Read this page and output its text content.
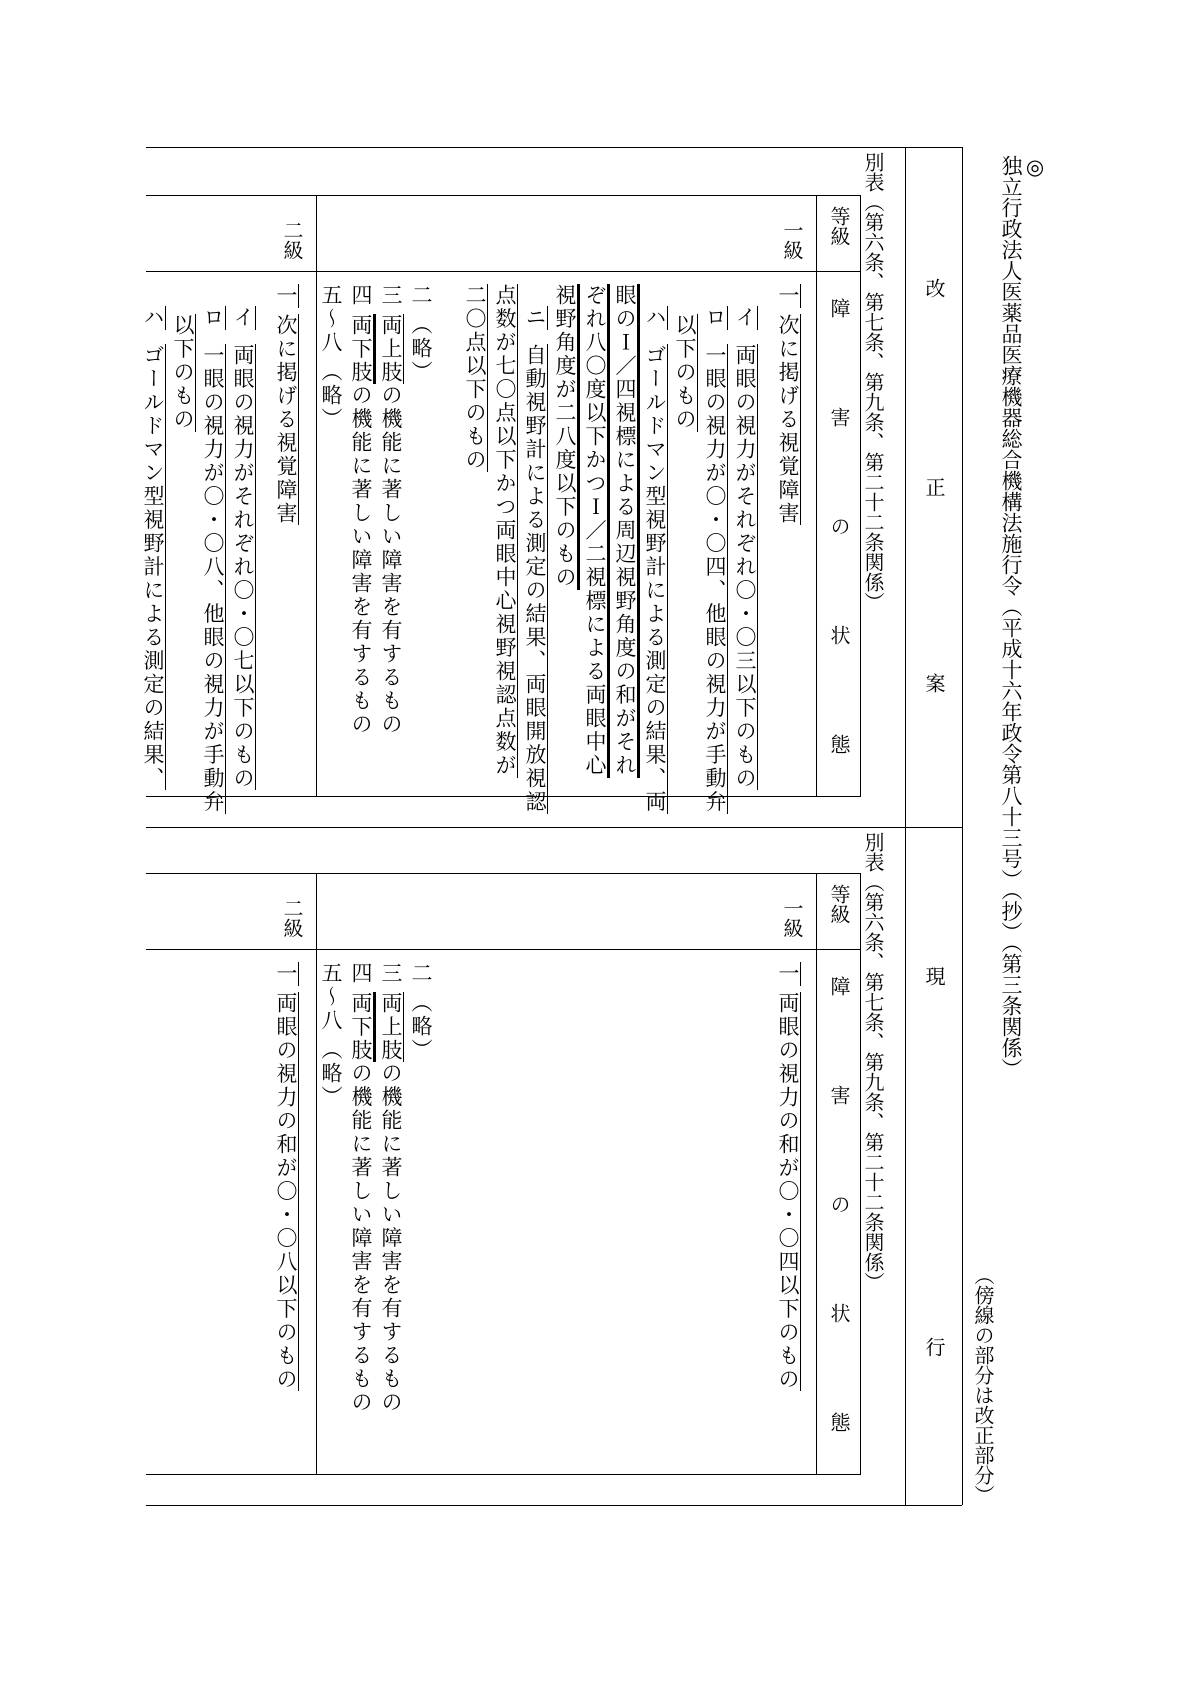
◎
独立行政法人医薬品医療機器総合機構法施行令（平成十六年政令第八十三号）（抄）（第三条関係）
（傍線の部分は改正部分）
改
正
案
現
行
別表（第六条、第七条、第九条、第二十二条関係）
等級
障害の状態
一級
一次に掲げる視覚障害
イ両眼の視力がそれぞれ〇・〇三以下のもの
ロ一眼の視力が〇・〇四、他眼の視力が手動弁
以下のもの
ハゴールドマン型視野計による測定の結果、両
眼のＩ／四視標による周辺視野角度の和がそれ
ぞれ八〇度以下かつＩ／二視標による両眼中心
視野角度が二八度以下のもの
ニ自動視野計による測定の結果、両眼開放視認
点数が七〇点以下かつ両眼中心視野視認点数が
二〇点以下のもの
二（略）
三両上肢の機能に著しい障害を有するもの
四両下肢の機能に著しい障害を有するもの
五～八（略）
二級
一次に掲げる視覚障害
イ両眼の視力がそれぞれ〇・〇七以下のもの
ロ一眼の視力が〇・〇八、他眼の視力が手動弁
以下のもの
ハゴールドマン型視野計による測定の結果、
別表（第六条、第七条、第九条、第二十二条関係）
等級
障害の状態
一級
一両眼の視力の和が〇・〇四以下のもの
二（略）
三両上肢の機能に著しい障害を有するもの
四両下肢の機能に著しい障害を有するもの
五～八（略）
二級
一両眼の視力の和が〇・〇八以下のもの
